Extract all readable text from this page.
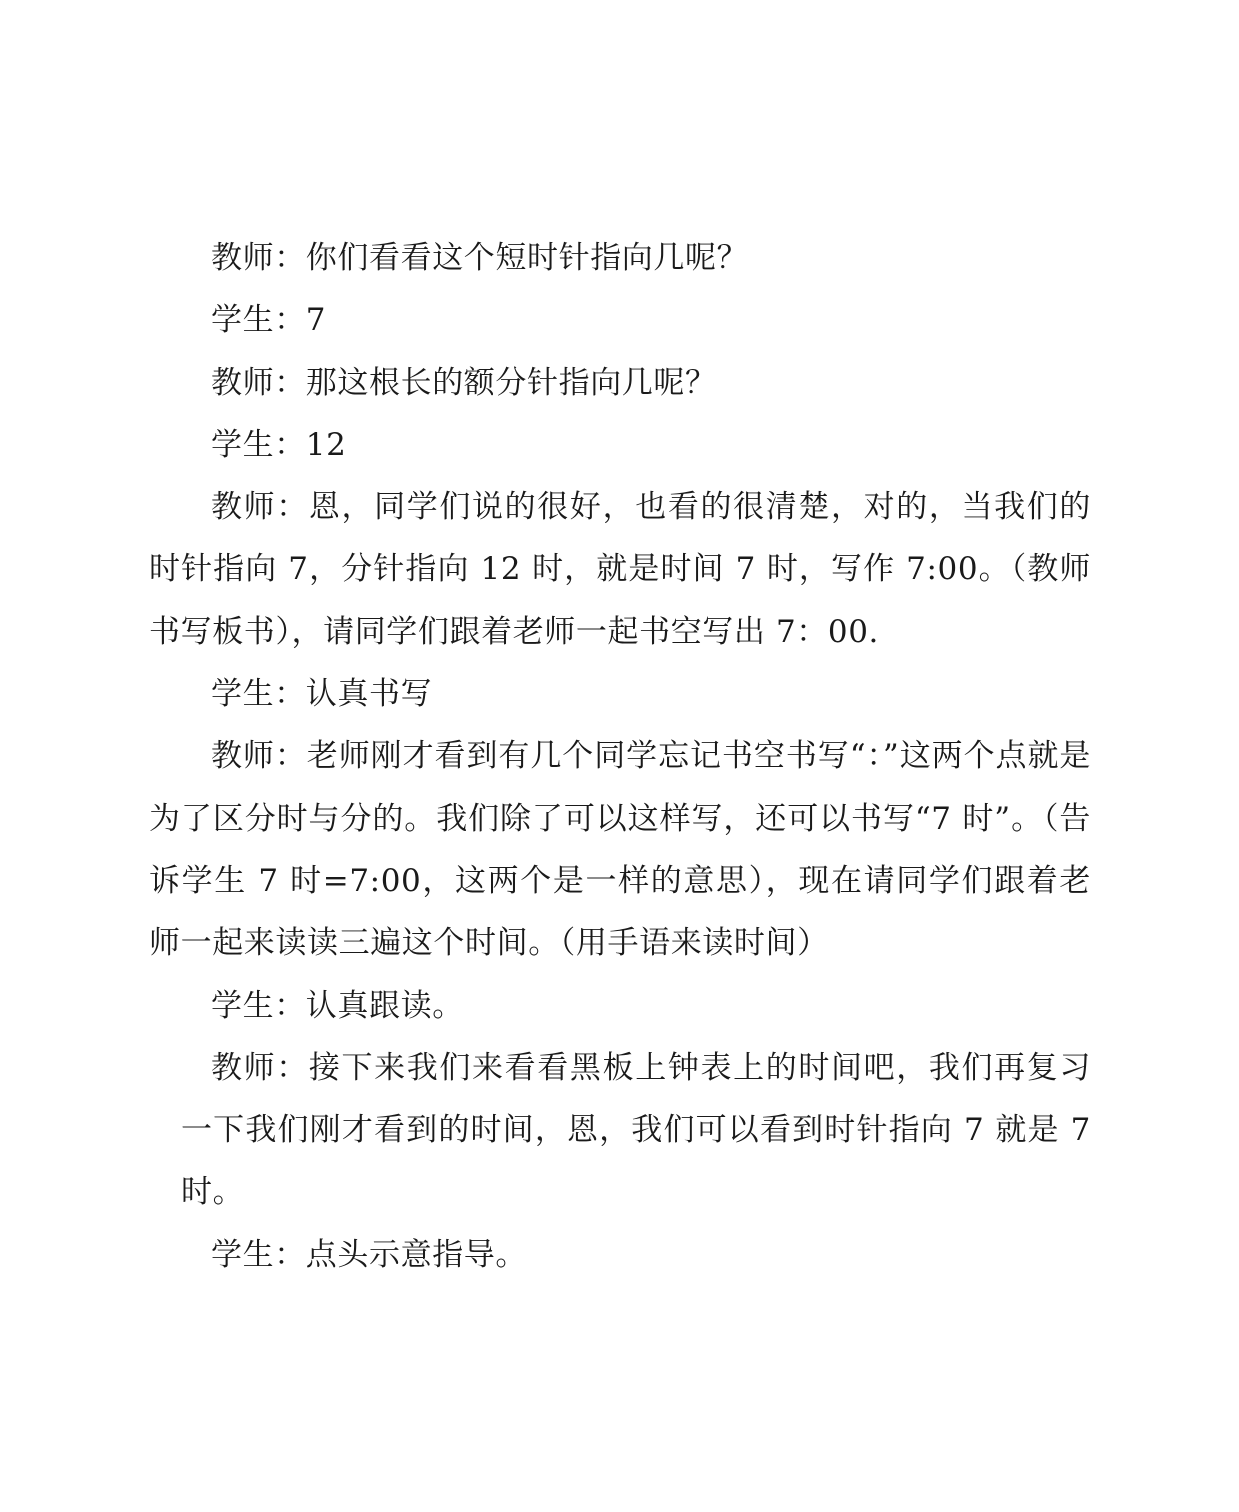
教师：你们看看这个短时针指向几呢？

学生：7

教师：那这根长的额分针指向几呢？

学生：12

教师：恩，同学们说的很好，也看的很清楚，对的，当我们的时针指向 7，分针指向 12 时，就是时间 7 时，写作 7:00。（教师书写板书），请同学们跟着老师一起书空写出 7：00.

学生：认真书写

教师：老师刚才看到有几个同学忘记书空书写“：”这两个点就是为了区分时与分的。我们除了可以这样写，还可以书写“7 时”。（告诉学生 7 时=7:00，这两个是一样的意思），现在请同学们跟着老师一起来读读三遍这个时间。（用手语来读时间）

学生：认真跟读。

教师：接下来我们来看看黑板上钟表上的时间吧，我们再复习一下我们刚才看到的时间，恩，我们可以看到时针指向 7 就是 7 时。

学生：点头示意指导。
